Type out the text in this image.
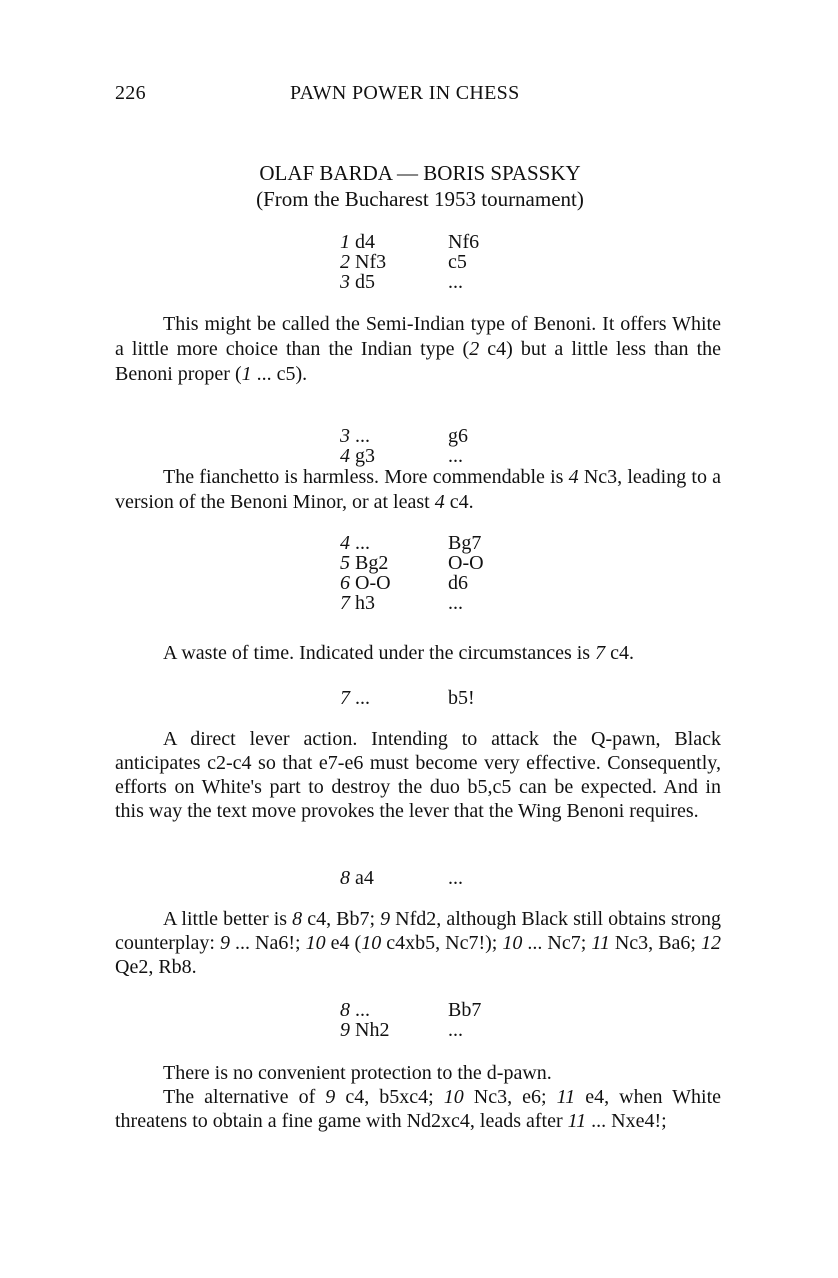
226	PAWN POWER IN CHESS
OLAF BARDA — BORIS SPASSKY
(From the Bucharest 1953 tournament)
1 d4	Nf6
2 Nf3	c5
3 d5	...

This might be called the Semi-Indian type of Benoni. It offers White a little more choice than the Indian type (2 c4) but a little less than the Benoni proper (1 ... c5).

3 ...	g6
4 g3	...

The fianchetto is harmless. More commendable is 4 Nc3, leading to a version of the Benoni Minor, or at least 4 c4.

4 ...	Bg7
5 Bg2	O-O
6 O-O	d6
7 h3	...

A waste of time. Indicated under the circumstances is 7 c4.

7 ...	b5!

A direct lever action. Intending to attack the Q-pawn, Black anticipates c2-c4 so that e7-e6 must become very effective. Consequently, efforts on White's part to destroy the duo b5,c5 can be expected. And in this way the text move provokes the lever that the Wing Benoni requires.

8 a4	...

A little better is 8 c4, Bb7; 9 Nfd2, although Black still obtains strong counterplay: 9 ... Na6!; 10 e4 (10 c4xb5, Nc7!); 10 ... Nc7; 11 Nc3, Ba6; 12 Qe2, Rb8.

8 ...	Bb7
9 Nh2	...

There is no convenient protection to the d-pawn.

The alternative of 9 c4, b5xc4; 10 Nc3, e6; 11 e4, when White threatens to obtain a fine game with Nd2xc4, leads after 11 ... Nxe4!;
